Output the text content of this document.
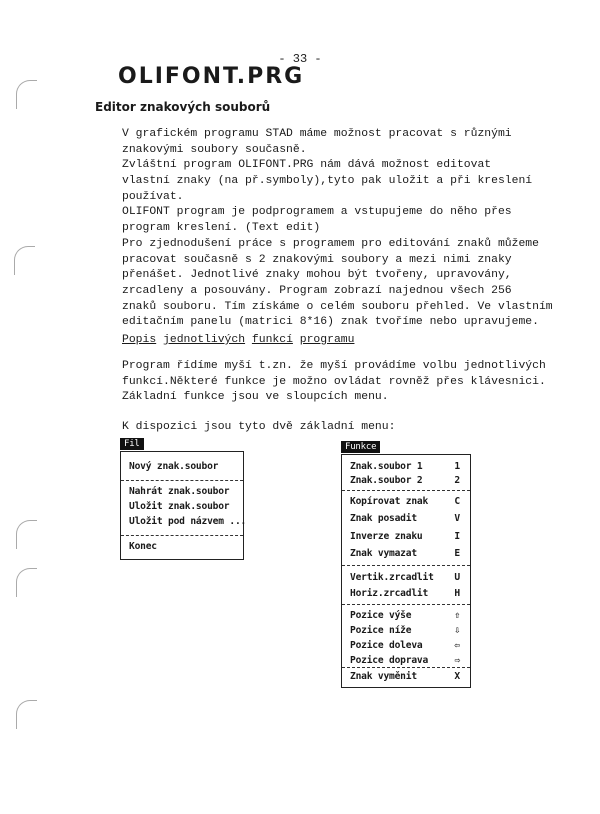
- 33 -
OLIFONT.PRG
Editor znakových souborů
V grafickém programu STAD máme možnost pracovat s různými
znakovými soubory současně.
Zvláštní program OLIFONT.PRG nám dává možnost editovat
vlastní znaky (na př.symboly),tyto pak uložit a při kreslení
používat.
OLIFONT program je podprogramem a vstupujeme do něho přes
program kreslení. (Text edit)
Pro zjednodušení práce s programem pro editování znaků můžeme
pracovat současně s 2 znakovými soubory a mezi nimi znaky
přenášet. Jednotlivé znaky mohou být tvořeny, upravovány,
zrcadleny a posouvány. Program zobrazí najednou všech 256
znaků souboru. Tím získáme o celém souboru přehled. Ve vlastním
editačním panelu (matrici 8*16) znak tvoříme nebo upravujeme.
Popis jednotlivých funkcí programu
Program řídíme myší t.zn. že myší provádíme volbu jednotlivých
funkcí.Některé funkce je možno ovládat rovněž přes klávesnici.
Základní funkce jsou ve sloupcích menu.
K dispozici jsou tyto dvě základní menu:
Fil
Nový znak.soubor
Nahrát znak.soubor
Uložit znak.soubor
Uložit pod názvem ...
Konec
Funkce
Znak.soubor 1	1
Znak.soubor 2	2
Kopírovat znak	C
Znak posadit	V
Inverze znaku	I
Znak vymazat	E
Vertik.zrcadlit U
Horiz.zrcadlit	H
Pozice výše	⇧
Pozice níže	⇩
Pozice doleva	⇦
Pozice doprava	⇨
Znak vyměnit	X
